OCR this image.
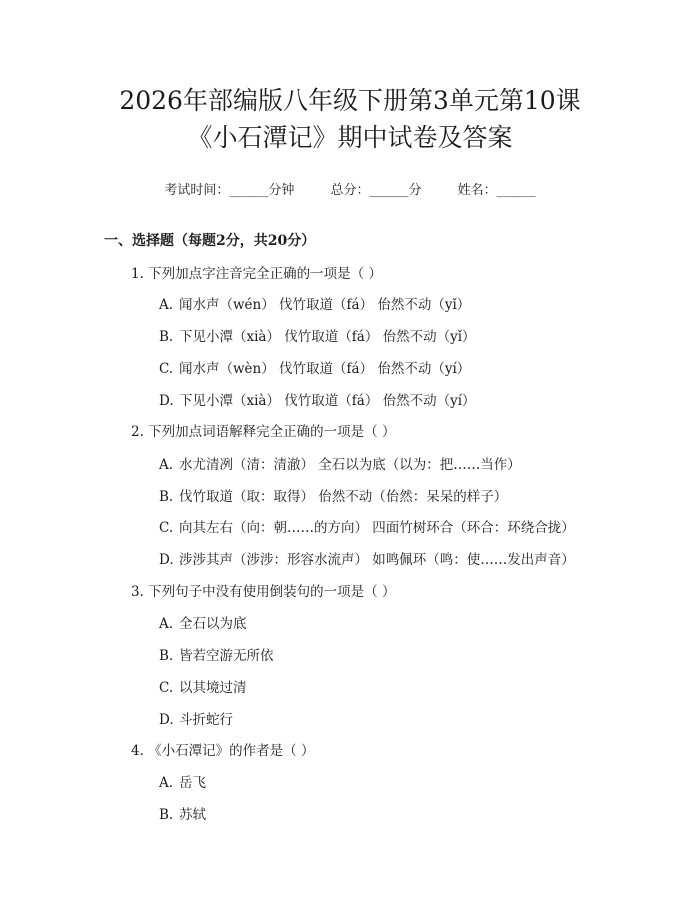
2026年部编版八年级下册第3单元第10课
《小石潭记》期中试卷及答案
考试时间：______分钟	总分：______分	姓名：______
一、选择题（每题2分，共20分）
1. 下列加点字注音完全正确的一项是（ ）
A. 闻水声（wén） 伐竹取道（fá） 佁然不动（yǐ）
B. 下见小潭（xià） 伐竹取道（fá） 佁然不动（yǐ）
C. 闻水声（wèn） 伐竹取道（fá） 佁然不动（yí）
D. 下见小潭（xià） 伐竹取道（fá） 佁然不动（yí）
2. 下列加点词语解释完全正确的一项是（ ）
A. 水尤清冽（清：清澈） 全石以为底（以为：把……当作）
B. 伐竹取道（取：取得） 佁然不动（佁然：呆呆的样子）
C. 向其左右（向：朝……的方向） 四面竹树环合（环合：环绕合拢）
D. 涉涉其声（涉涉：形容水流声） 如鸣佩环（鸣：使……发出声音）
3. 下列句子中没有使用倒装句的一项是（ ）
A. 全石以为底
B. 皆若空游无所依
C. 以其境过清
D. 斗折蛇行
4. 《小石潭记》的作者是（ ）
A. 岳飞
B. 苏轼
